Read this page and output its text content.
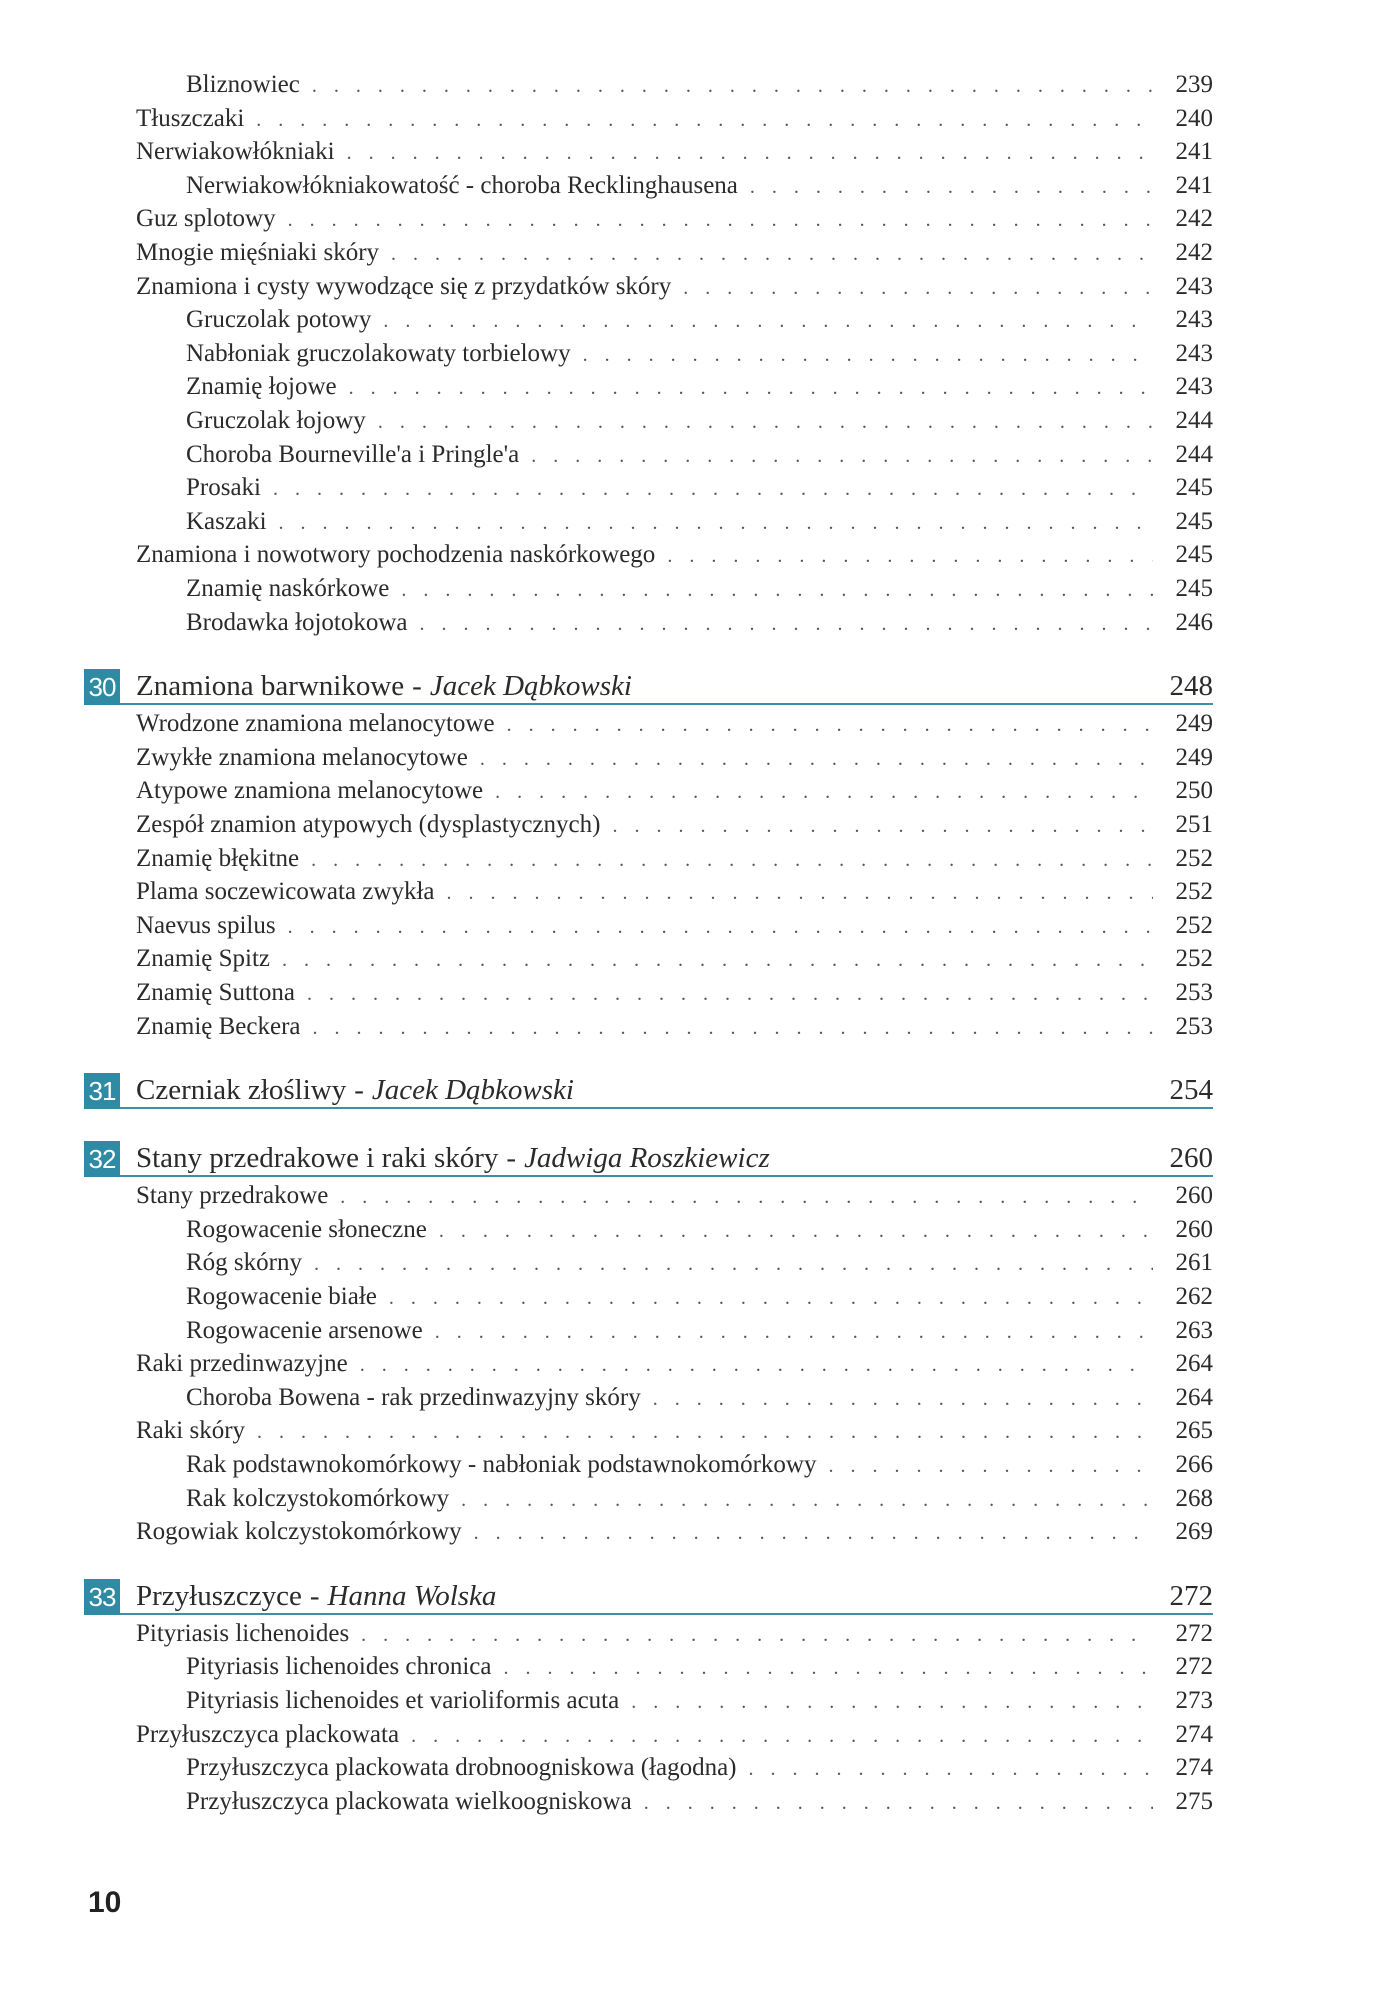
Bliznowiec . . .	239
Tłuszczaki . . .	240
Nerwiakowłókniaki . . .	241
Nerwiakowłókniakowatość - choroba Recklinghausena . . .	241
Guz splotowy . . .	242
Mnogie mięśniaki skóry . . .	242
Znamiona i cysty wywodzące się z przydatków skóry . . .	243
Gruczolak potowy . . .	243
Nabłoniak gruczolakowaty torbielowy . . .	243
Znamię łojowe . . .	243
Gruczolak łojowy . . .	244
Choroba Bourneville'a i Pringle'a . . .	244
Prosaki . . .	245
Kaszaki . . .	245
Znamiona i nowotwory pochodzenia naskórkowego . . .	245
Znamię naskórkowe . . .	245
Brodawka łojotokowa . . .	246
30 Znamiona barwnikowe - Jacek Dąbkowski	248
Wrodzone znamiona melanocytowe . . .	249
Zwykłe znamiona melanocytowe . . .	249
Atypowe znamiona melanocytowe . . .	250
Zespół znamion atypowych (dysplastycznych) . . .	251
Znamię błękitne . . .	252
Plama soczewicowata zwykła . . .	252
Naevus spilus . . .	252
Znamię Spitz . . .	252
Znamię Suttona . . .	253
Znamię Beckera . . .	253
31 Czerniak złośliwy - Jacek Dąbkowski	254
32 Stany przedrakowe i raki skóry - Jadwiga Roszkiewicz	260
Stany przedrakowe . . .	260
Rogowacenie słoneczne . . .	260
Róg skórny . . .	261
Rogowacenie białe . . .	262
Rogowacenie arsenowe . . .	263
Raki przedinwazyjne . . .	264
Choroba Bowena - rak przedinwazyjny skóry . . .	264
Raki skóry . . .	265
Rak podstawnokomórkowy - nabłoniak podstawnokomórkowy . . .	266
Rak kolczystokomórkowy . . .	268
Rogowiak kolczystokomórkowy . . .	269
33 Przyłuszczyce - Hanna Wolska	272
Pityriasis lichenoides . . .	272
Pityriasis lichenoides chronica . . .	272
Pityriasis lichenoides et varioliformis acuta . . .	273
Przyłuszczyca plackowata . . .	274
Przyłuszczyca plackowata drobnoogniskowa (łagodna) . . .	274
Przyłuszczyca plackowata wielkoogniskowa . . .	275
10
